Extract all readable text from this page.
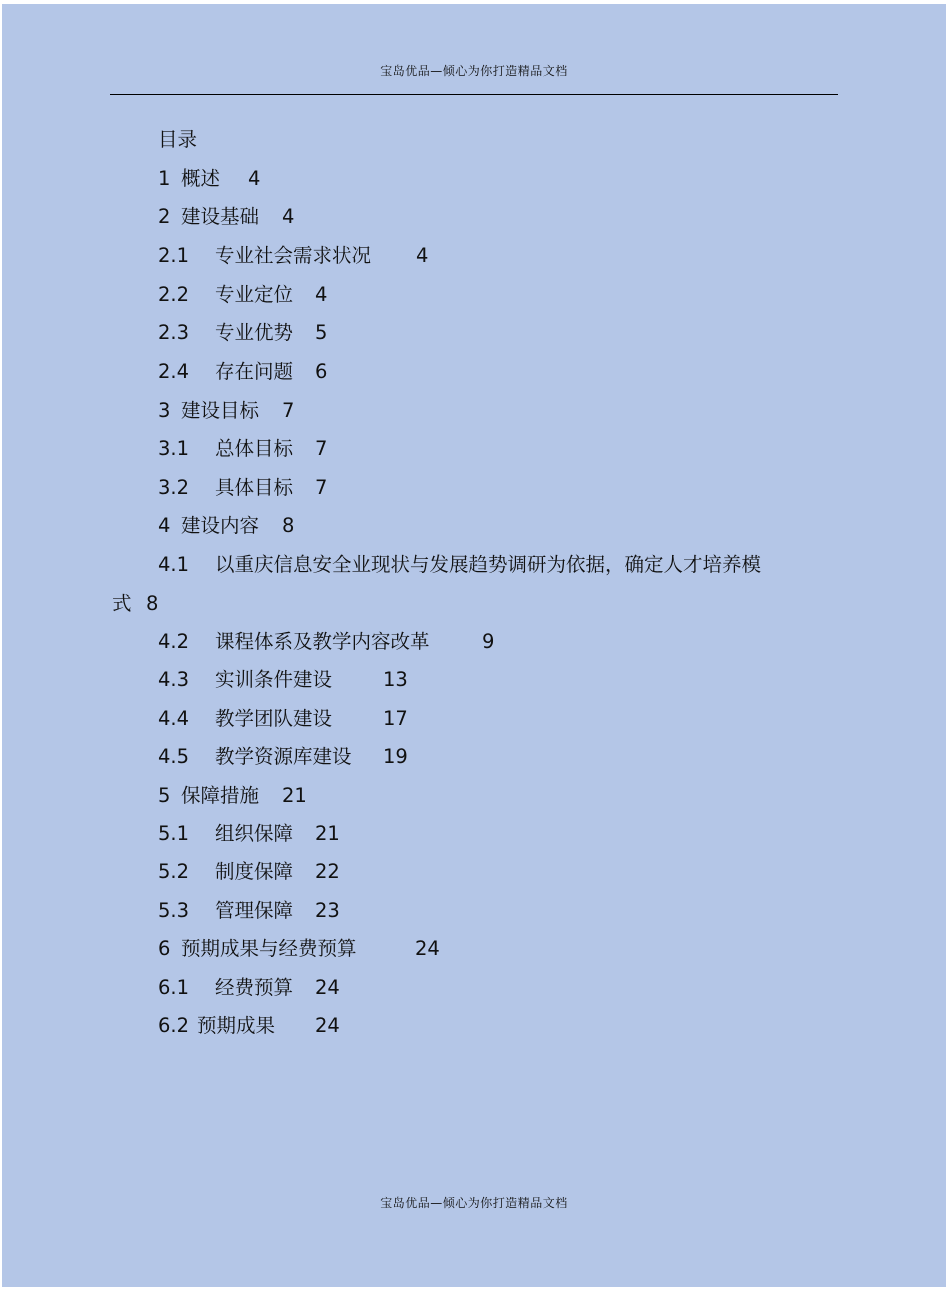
宝岛优品—倾心为你打造精品文档
目录
1 概述 4
2 建设基础 4
2.1 专业社会需求状况 4
2.2 专业定位 4
2.3 专业优势 5
2.4 存在问题 6
3 建设目标 7
3.1 总体目标 7
3.2 具体目标 7
4 建设内容 8
4.1 以重庆信息安全业现状与发展趋势调研为依据，确定人才培养模
式 8
4.2 课程体系及教学内容改革	9
4.3 实训条件建设	13
4.4 教学团队建设	17
4.5 教学资源库建设 19
5 保障措施 21
5.1 组织保障 21
5.2 制度保障 22
5.3 管理保障 23
6 预期成果与经费预算	24
6.1 经费预算 24
6.2 预期成果 24
宝岛优品—倾心为你打造精品文档
